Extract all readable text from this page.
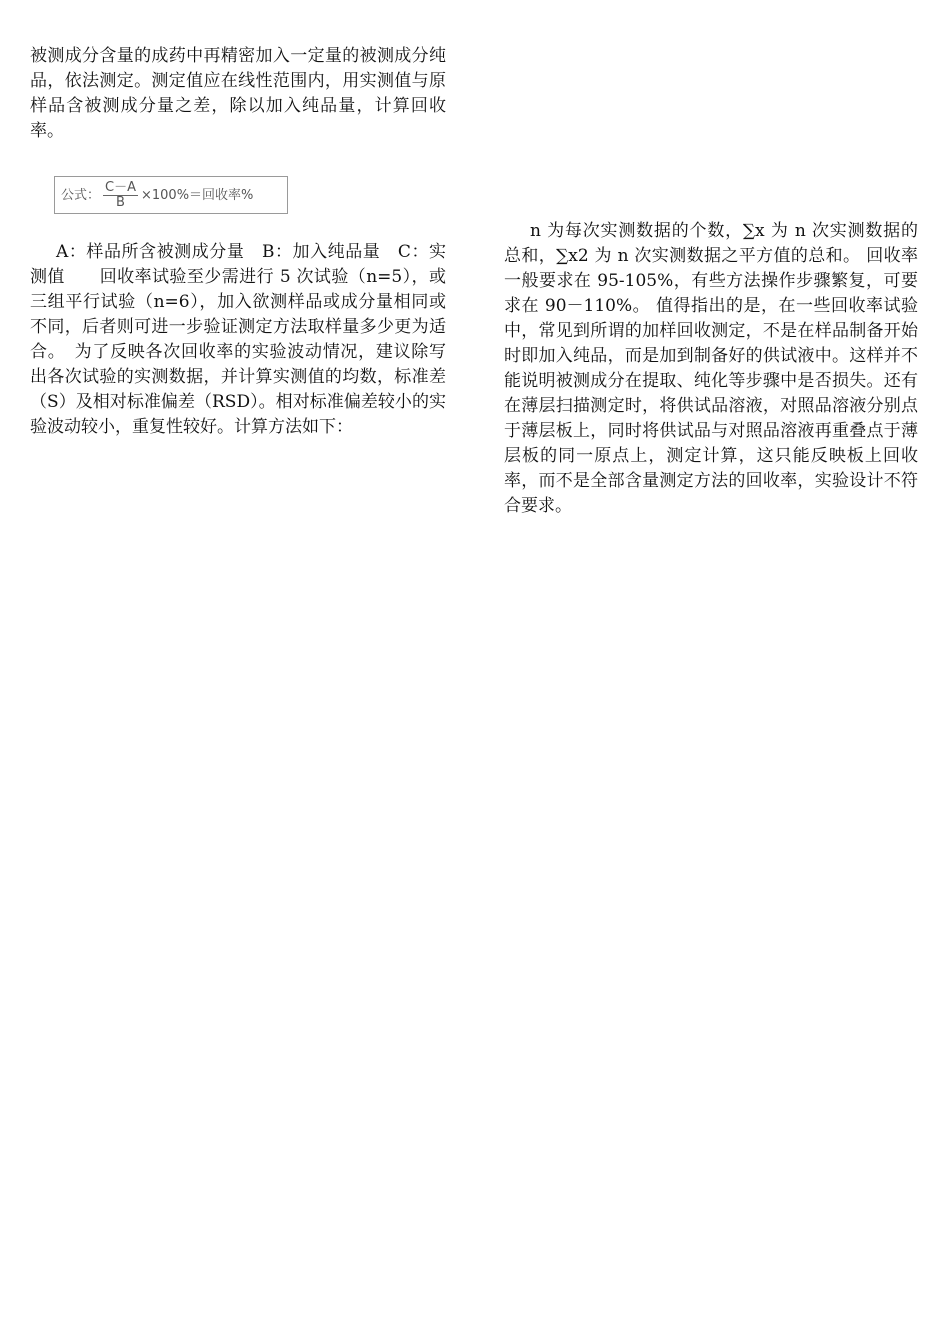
被测成分含量的成药中再精密加入一定量的被测成分纯品，依法测定。测定值应在线性范围内，用实测值与原样品含被测成分量之差，除以加入纯品量，计算回收率。

公式： $\frac{C-A}{B} \times 100\%=$回收率%

A：样品所含被测成分量　B：加入纯品量　C：实测值　　回收率试验至少需进行 5 次试验（n=5），或三组平行试验（n=6），加入欲测样品或成分量相同或不同，后者则可进一步验证测定方法取样量多少更为适合。　为了反映各次回收率的实验波动情况，建议除写出各次试验的实测数据，并计算实测值的均数，标准差（S）及相对标准偏差（RSD）。相对标准偏差较小的实验波动较小，重复性较好。计算方法如下：

n 为每次实测数据的个数，∑x 为 n 次实测数据的总和，∑x2 为 n 次实测数据之平方值的总和。 回收率一般要求在 95-105%，有些方法操作步骤繁复，可要求在 90－110%。 值得指出的是，在一些回收率试验中，常见到所谓的加样回收测定，不是在样品制备开始时即加入纯品，而是加到制备好的供试液中。这样并不能说明被测成分在提取、纯化等步骤中是否损失。还有在薄层扫描测定时，将供试品溶液，对照品溶液分别点于薄层板上，同时将供试品与对照品溶液再重叠点于薄层板的同一原点上，测定计算，这只能反映板上回收率，而不是全部含量测定方法的回收率，实验设计不符合要求。
